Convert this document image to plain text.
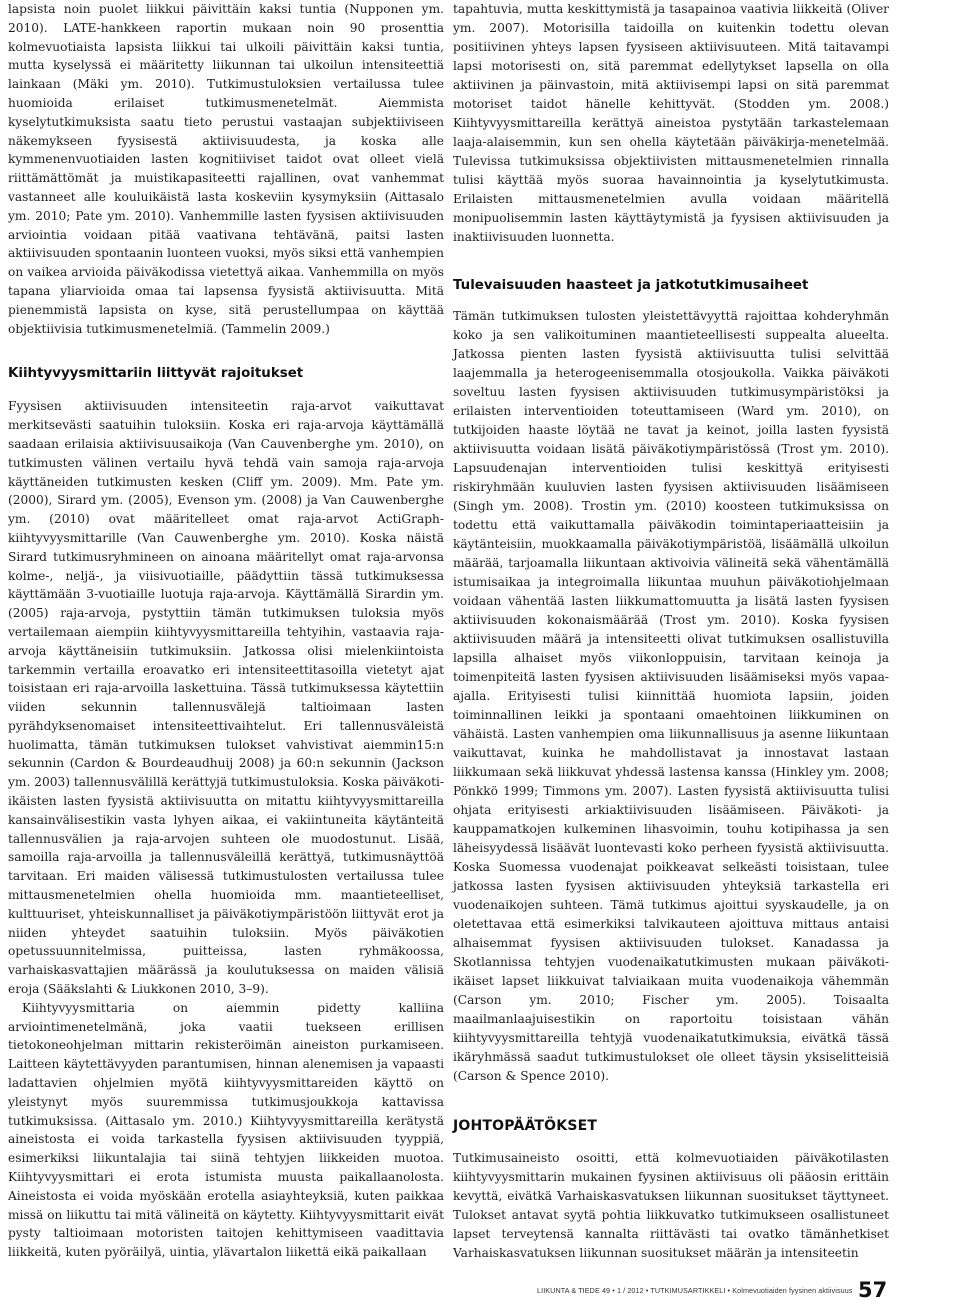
lapsista noin puolet liikkui päivittäin kaksi tuntia (Nupponen ym. 2010). LATE-hankkeen raportin mukaan noin 90 prosenttia kolmevuotiaista lapsista liikkui tai ulkoili päivittäin kaksi tuntia, mutta kyselyssä ei määritetty liikunnan tai ulkoilun intensiteettiä lainkaan (Mäki ym. 2010). Tutkimustuloksien vertailussa tulee huomioida erilaiset tutkimusmenetelmät. Aiemmista kyselytutkimuksista saatu tieto perustui vastaajan subjektiiviseen näkemykseen fyysisestä aktiivisuudesta, ja koska alle kymmenenvuotiaiden lasten kognitiiviset taidot ovat olleet vielä riittämättömät ja muistikapasiteetti rajallinen, ovat vanhemmat vastanneet alle kouluikäistä lasta koskeviin kysymyksiin (Aittasalo ym. 2010; Pate ym. 2010). Vanhemmille lasten fyysisen aktiivisuuden arviointia voidaan pitää vaativana tehtävänä, paitsi lasten aktiivisuuden spontaanin luonteen vuoksi, myös siksi että vanhempien on vaikea arvioida päiväkodissa vietettyä aikaa. Vanhemmilla on myös tapana yliarvioida omaa tai lapsensa fyysistä aktiivisuutta. Mitä pienemmistä lapsista on kyse, sitä perustellumpaa on käyttää objektiivisia tutkimusmenetelmiä. (Tammelin 2009.)

Kiihtyvyysmittariin liittyvät rajoitukset

Fyysisen aktiivisuuden intensiteetin raja-arvot vaikuttavat merkitsevästi saatuihin tuloksiin. Koska eri raja-arvoja käyttämällä saadaan erilaisia aktiivisuusaikoja (Van Cauvenberghe ym. 2010), on tutkimusten välinen vertailu hyvä tehdä vain samoja raja-arvoja käyttäneiden tutkimusten kesken (Cliff ym. 2009). Mm. Pate ym. (2000), Sirard ym. (2005), Evenson ym. (2008) ja Van Cauwenberghe ym. (2010) ovat määritelleet omat raja-arvot ActiGraph-kiihtyvyysmittarille (Van Cauwenberghe ym. 2010). Koska näistä Sirard tutkimusryhmineen on ainoana määritellyt omat raja-arvonsa kolme-, neljä-, ja viisivuotiaille, päädyttiin tässä tutkimuksessa käyttämään 3-vuotiaille luotuja raja-arvoja. Käyttämällä Sirardin ym. (2005) raja-arvoja, pystyttiin tämän tutkimuksen tuloksia myös vertailemaan aiempiin kiihtyvyysmittareilla tehtyihin, vastaavia raja-arvoja käyttäneisiin tutkimuksiin. Jatkossa olisi mielenkiintoista tarkemmin vertailla eroavatko eri intensiteettitasoilla vietetyt ajat toisistaan eri raja-arvoilla laskettuina. Tässä tutkimuksessa käytettiin viiden sekunnin tallennusvälejä taltioimaan lasten pyrähdyksenomaiset intensiteettivaihtelut. Eri tallennusväleistä huolimatta, tämän tutkimuksen tulokset vahvistivat aiemmin15:n sekunnin (Cardon & Bourdeaudhuij 2008) ja 60:n sekunnin (Jackson ym. 2003) tallennusvälillä kerättyjä tutkimustuloksia. Koska päiväkoti-ikäisten lasten fyysistä aktiivisuutta on mitattu kiihtyvyysmittareilla kansainvälisestikin vasta lyhyen aikaa, ei vakiintuneita käytänteitä tallennusvälien ja raja-arvojen suhteen ole muodostunut. Lisää, samoilla raja-arvoilla ja tallennusväleillä kerättyä, tutkimusnäyttöä tarvitaan. Eri maiden välisessä tutkimustulosten vertailussa tulee mittausmenetelmien ohella huomioida mm. maantieteelliset, kulttuuriset, yhteiskunnalliset ja päiväkotiympäristöön liittyvät erot ja niiden yhteydet saatuihin tuloksiin. Myös päiväkotien opetussuunnitelmissa, puitteissa, lasten ryhmäkoossa, varhaiskasvattajien määrässä ja koulutuksessa on maiden välisiä eroja (Sääkslahti & Liukkonen 2010, 3–9).

Kiihtyvyysmittaria on aiemmin pidetty kalliina arviointimenetelmänä, joka vaatii tuekseen erillisen tietokoneohjelman mittarin rekisteröimän aineiston purkamiseen. Laitteen käytettävyyden parantumisen, hinnan alenemisen ja vapaasti ladattavien ohjelmien myötä kiihtyvyysmittareiden käyttö on yleistynyt myös suuremmissa tutkimusjoukkoja kattavissa tutkimuksissa. (Aittasalo ym. 2010.) Kiihtyvyysmittareilla kerätystä aineistosta ei voida tarkastella fyysisen aktiivisuuden tyyppiä, esimerkiksi liikuntalajia tai siinä tehtyjen liikkeiden muotoa. Kiihtyvyysmittari ei erota istumista muusta paikallaanolosta. Aineistosta ei voida myöskään erotella asiayhteyksiä, kuten paikkaa missä on liikuttu tai mitä välineitä on käytetty. Kiihtyvyysmittarit eivät pysty taltioimaan motoristen taitojen kehittymiseen vaadittavia liikkeitä, kuten pyöräilyä, uintia, ylävartalon liikettä eikä paikallaan

tapahtuvia, mutta keskittymistä ja tasapainoa vaativia liikkeitä (Oliver ym. 2007). Motorisilla taidoilla on kuitenkin todettu olevan positiivinen yhteys lapsen fyysiseen aktiivisuuteen. Mitä taitavampi lapsi motorisesti on, sitä paremmat edellytykset lapsella on olla aktiivinen ja päinvastoin, mitä aktiivisempi lapsi on sitä paremmat motoriset taidot hänelle kehittyvät. (Stodden ym. 2008.) Kiihtyvyysmittareilla kerättyä aineistoa pystytään tarkastelemaan laaja-alaisemmin, kun sen ohella käytetään päiväkirja-menetelmää. Tulevissa tutkimuksissa objektiivisten mittausmenetelmien rinnalla tulisi käyttää myös suoraa havainnointia ja kyselytutkimusta. Erilaisten mittausmenetelmien avulla voidaan määritellä monipuolisemmin lasten käyttäytymistä ja fyysisen aktiivisuuden ja inaktiivisuuden luonnetta.

Tulevaisuuden haasteet ja jatkotutkimusaiheet

Tämän tutkimuksen tulosten yleistettävyyttä rajoittaa kohderyhmän koko ja sen valikoituminen maantieteellisesti suppealta alueelta. Jatkossa pienten lasten fyysistä aktiivisuutta tulisi selvittää laajemmalla ja heterogeenisemmalla otosjoukolla. Vaikka päiväkoti soveltuu lasten fyysisen aktiivisuuden tutkimusympäristöksi ja erilaisten interventioiden toteuttamiseen (Ward ym. 2010), on tutkijoiden haaste löytää ne tavat ja keinot, joilla lasten fyysistä aktiivisuutta voidaan lisätä päiväkotiympäristössä (Trost ym. 2010). Lapsuudenajan interventioiden tulisi keskittyä erityisesti riskiryhmään kuuluvien lasten fyysisen aktiivisuuden lisäämiseen (Singh ym. 2008). Trostin ym. (2010) koosteen tutkimuksissa on todettu että vaikuttamalla päiväkodin toimintaperiaatteisiin ja käytänteisiin, muokkaamalla päiväkotiympäristöä, lisäämällä ulkoilun määrää, tarjoamalla liikuntaan aktivoivia välineitä sekä vähentämällä istumisaikaa ja integroimalla liikuntaa muuhun päiväkotiohjelmaan voidaan vähentää lasten liikkumattomuutta ja lisätä lasten fyysisen aktiivisuuden kokonaismäärää (Trost ym. 2010). Koska fyysisen aktiivisuuden määrä ja intensiteetti olivat tutkimuksen osallistuvilla lapsilla alhaiset myös viikonloppuisin, tarvitaan keinoja ja toimenpiteitä lasten fyysisen aktiivisuuden lisäämiseksi myös vapaa-ajalla. Erityisesti tulisi kiinnittää huomiota lapsiin, joiden toiminnallinen leikki ja spontaani omaehtoinen liikkuminen on vähäistä. Lasten vanhempien oma liikunnallisuus ja asenne liikuntaan vaikuttavat, kuinka he mahdollistavat ja innostavat lastaan liikkumaan sekä liikkuvat yhdessä lastensa kanssa (Hinkley ym. 2008; Pönkkö 1999; Timmons ym. 2007). Lasten fyysistä aktiivisuutta tulisi ohjata erityisesti arkiaktiivisuuden lisäämiseen. Päiväkoti- ja kauppamatkojen kulkeminen lihasvoimin, touhu kotipihassa ja sen läheisyydessä lisäävät luontevasti koko perheen fyysistä aktiivisuutta. Koska Suomessa vuodenajat poikkeavat selkeästi toisistaan, tulee jatkossa lasten fyysisen aktiivisuuden yhteyksiä tarkastella eri vuodenaikojen suhteen. Tämä tutkimus ajoittui syyskaudelle, ja on oletettavaa että esimerkiksi talvikauteen ajoittuva mittaus antaisi alhaisemmat fyysisen aktiivisuuden tulokset. Kanadassa ja Skotlannissa tehtyjen vuodenaikatutkimusten mukaan päiväkoti-ikäiset lapset liikkuivat talviaikaan muita vuodenaikoja vähemmän (Carson ym. 2010; Fischer ym. 2005). Toisaalta maailmanlaajuisestikin on raportoitu toisistaan vähän kiihtyvyysmittareilla tehtyjä vuodenaikatutkimuksia, eivätkä tässä ikäryhmässä saadut tutkimustulokset ole olleet täysin yksiselitteisiä (Carson & Spence 2010).

JOHTOPÄÄTÖKSET

Tutkimusaineisto osoitti, että kolmevuotiaiden päiväkotilasten kiihtyvyysmittarin mukainen fyysinen aktiivisuus oli pääosin erittäin kevyttä, eivätkä Varhaiskasvatuksen liikunnan suositukset täyttyneet. Tulokset antavat syytä pohtia liikkuvatko tutkimukseen osallistuneet lapset terveytensä kannalta riittävästi tai ovatko tämänhetkiset Varhaiskasvatuksen liikunnan suositukset määrän ja intensiteetin

LIIKUNTA & TIEDE 49 • 1 / 2012 • TUTKIMUSARTIKKELI • Kolmevuotiaiden fyysinen aktiivisuus 57
